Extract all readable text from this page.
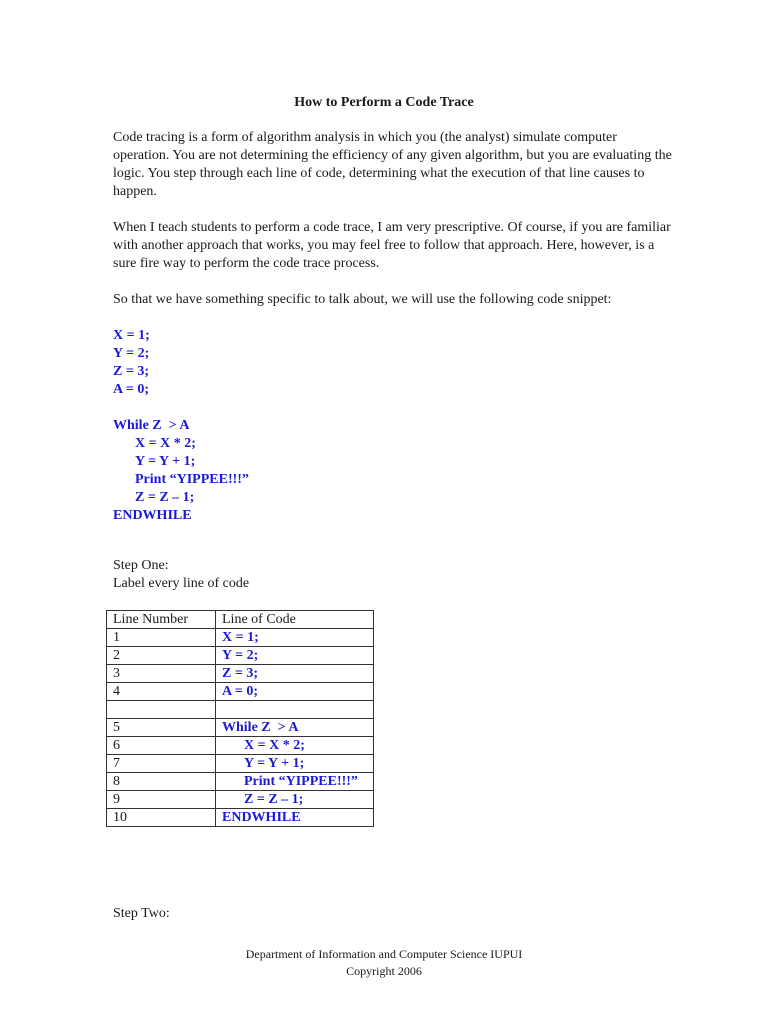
How to Perform a Code Trace

Code tracing is a form of algorithm analysis in which you (the analyst) simulate computer operation. You are not determining the efficiency of any given algorithm, but you are evaluating the logic. You step through each line of code, determining what the execution of that line causes to happen.

When I teach students to perform a code trace, I am very prescriptive. Of course, if you are familiar with another approach that works, you may feel free to follow that approach. Here, however, is a sure fire way to perform the code trace process.

So that we have something specific to talk about, we will use the following code snippet:

X = 1;
Y = 2;
Z = 3;
A = 0;

While Z  > A
X = X * 2;
Y = Y + 1;
Print “YIPPEE!!!”
Z = Z – 1;
ENDWHILE

Step One:

Label every line of code

Line Number	Line of Code
1	X = 1;
2	Y = 2;
3	Z = 3;
4	A = 0;

5	While Z  > A
6	X = X * 2;
7	Y = Y + 1;
8	Print “YIPPEE!!!”
9	Z = Z – 1;
10	ENDWHILE

Step Two:

Department of Information and Computer Science IUPUI
Copyright 2006
